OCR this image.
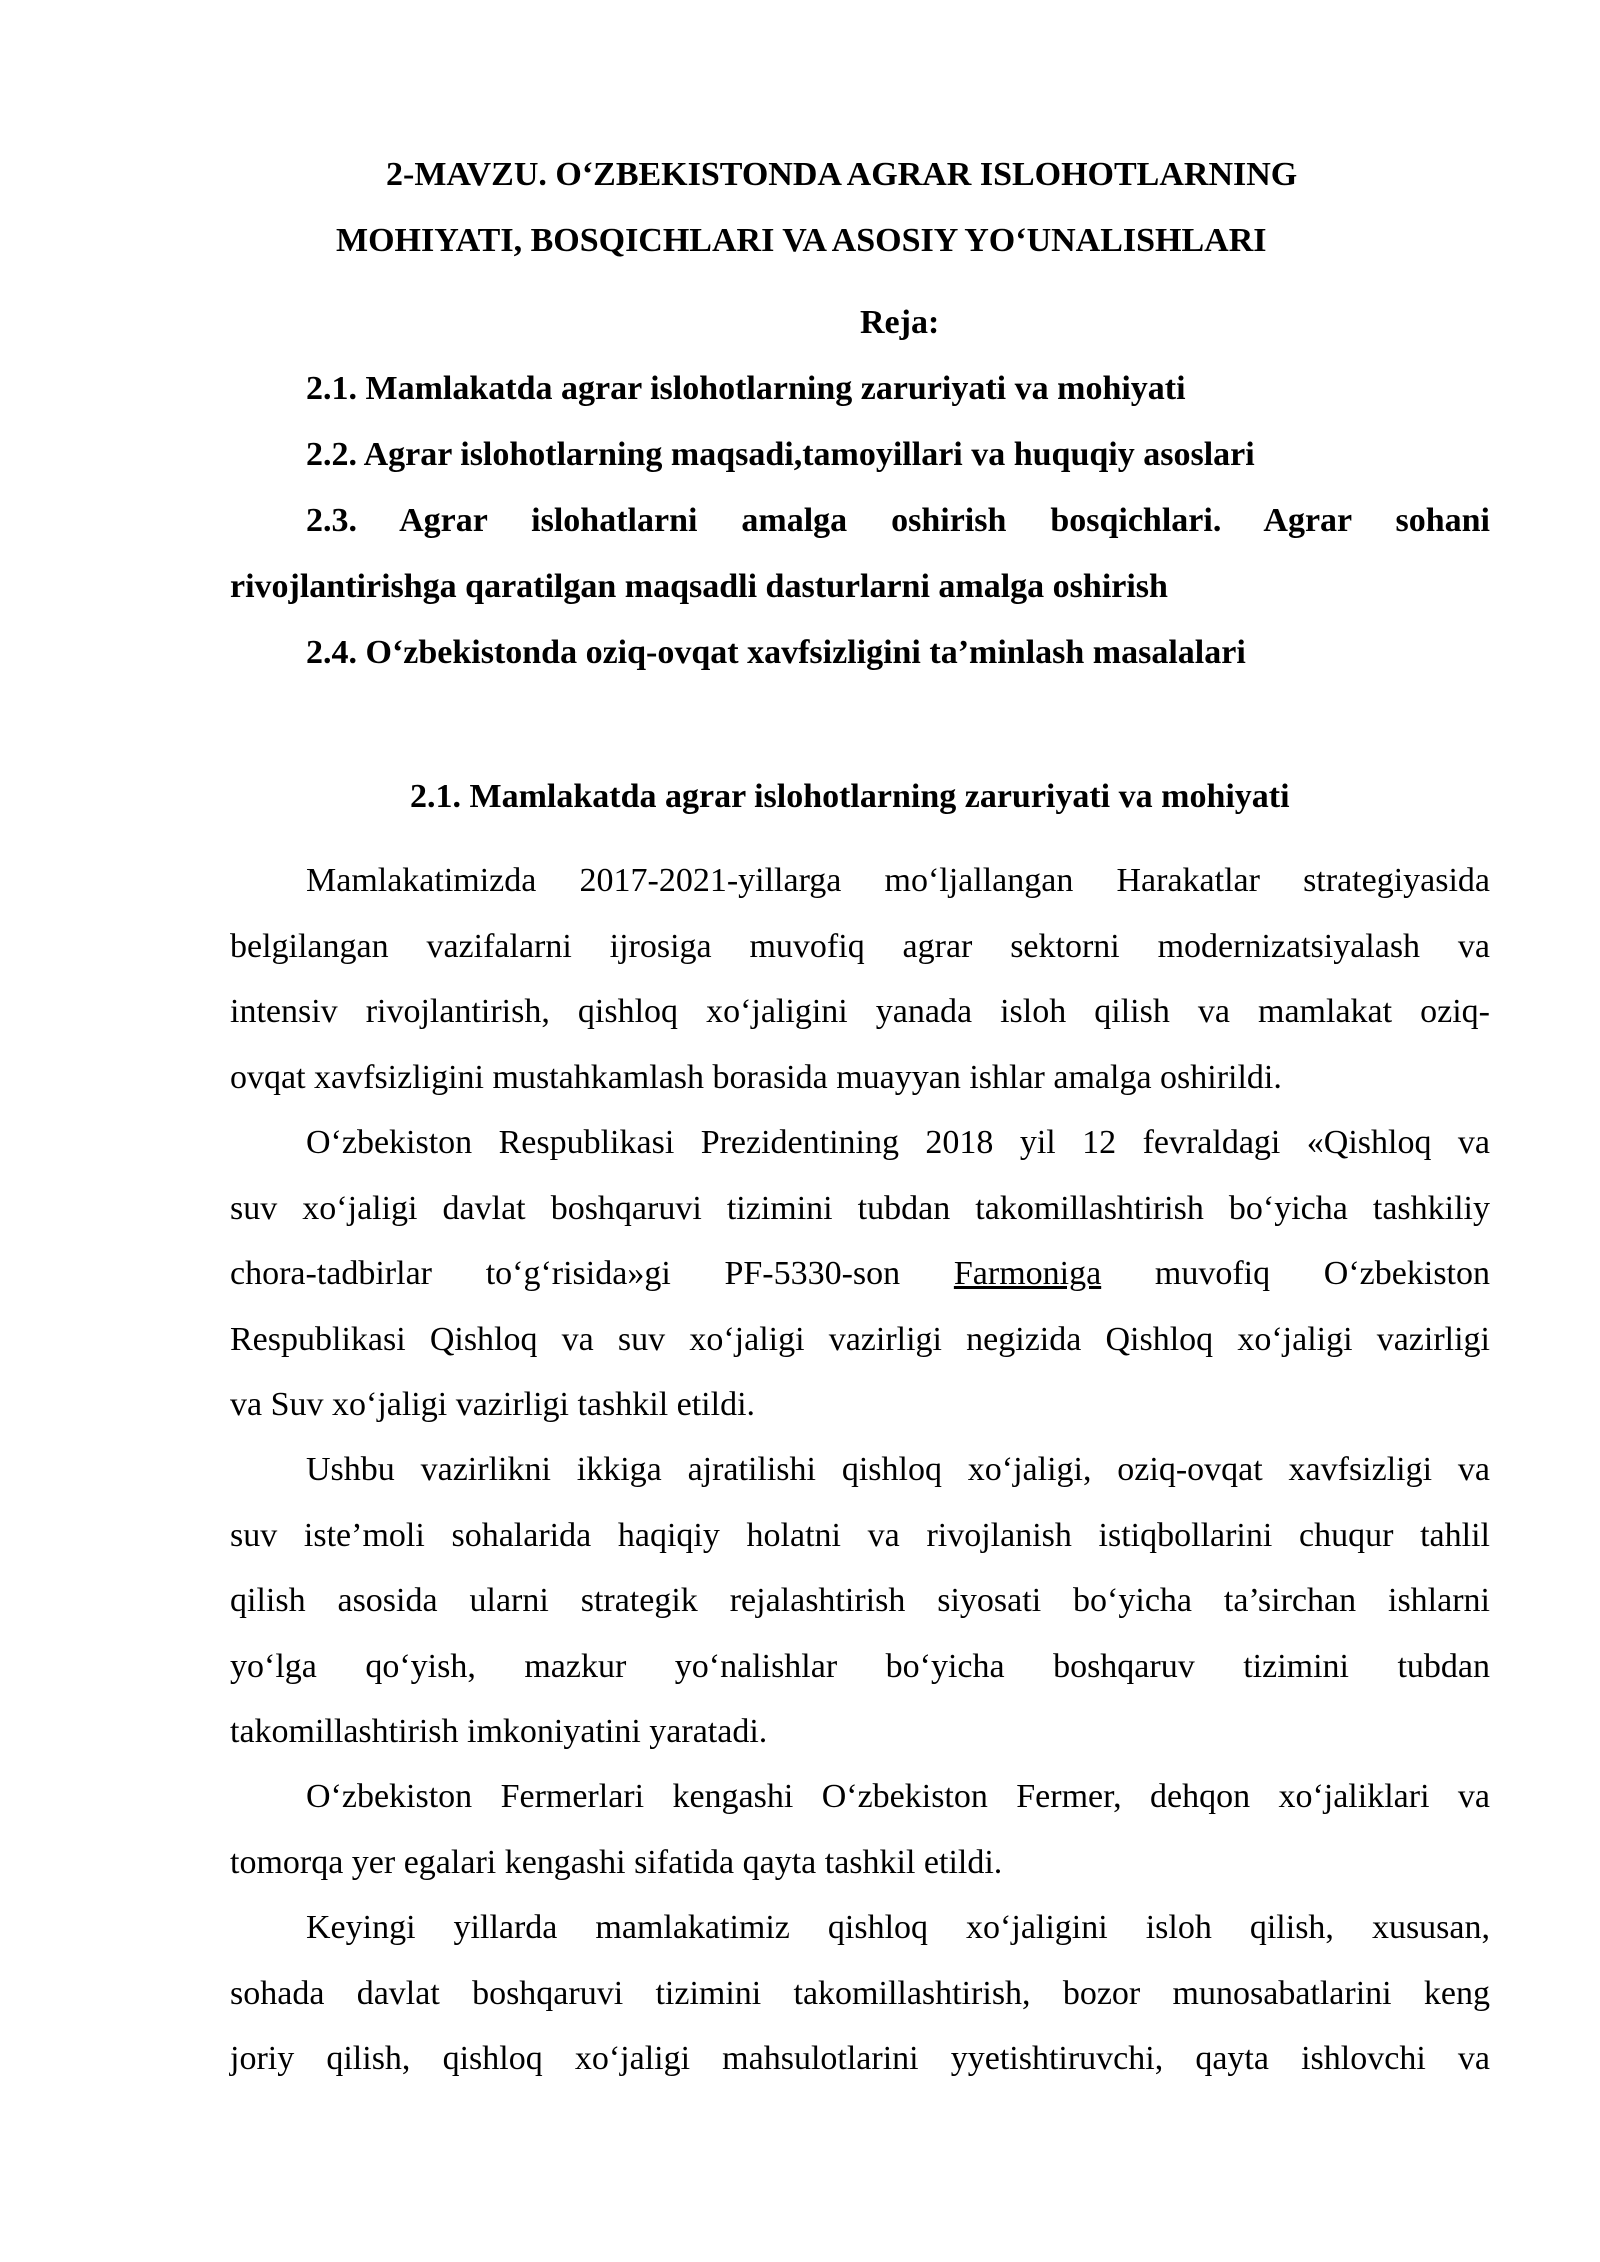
2-MAVZU. O‘ZBEKISTONDA AGRAR ISLOHOTLARNING
MOHIYATI, BOSQICHLARI VA ASOSIY YO‘UNALISHLARI
Reja:
2.1. Mamlakatda agrar islohotlarning zaruriyati va mohiyati
2.2. Agrar islohotlarning maqsadi,tamoyillari va huquqiy asoslari
2.3. Agrar islohatlarni amalga oshirish bosqichlari. Agrar sohani
rivojlantirishga qaratilgan maqsadli dasturlarni amalga oshirish
2.4. O‘zbekistonda oziq-ovqat xavfsizligini ta’minlash masalalari
2.1. Mamlakatda agrar islohotlarning zaruriyati va mohiyati
Mamlakatimizda 2017-2021-yillarga mo‘ljallangan Harakatlar strategiyasida
belgilangan vazifalarni ijrosiga muvofiq agrar sektorni modernizatsiyalash va
intensiv rivojlantirish, qishloq xo‘jaligini yanada isloh qilish va mamlakat oziq-
ovqat xavfsizligini mustahkamlash borasida muayyan ishlar amalga oshirildi.
O‘zbekiston Respublikasi Prezidentining 2018 yil 12 fevraldagi «Qishloq va
suv xo‘jaligi davlat boshqaruvi tizimini tubdan takomillashtirish bo‘yicha tashkiliy
chora-tadbirlar to‘g‘risida»gi PF-5330-son Farmoniga muvofiq O‘zbekiston
Respublikasi Qishloq va suv xo‘jaligi vazirligi negizida Qishloq xo‘jaligi vazirligi
va Suv xo‘jaligi vazirligi tashkil etildi.
Ushbu vazirlikni ikkiga ajratilishi qishloq xo‘jaligi, oziq-ovqat xavfsizligi va
suv iste’moli sohalarida haqiqiy holatni va rivojlanish istiqbollarini chuqur tahlil
qilish asosida ularni strategik rejalashtirish siyosati bo‘yicha ta’sirchan ishlarni
yo‘lga qo‘yish, mazkur yo‘nalishlar bo‘yicha boshqaruv tizimini tubdan
takomillashtirish imkoniyatini yaratadi.
O‘zbekiston Fermerlari kengashi O‘zbekiston Fermer, dehqon xo‘jaliklari va
tomorqa yer egalari kengashi sifatida qayta tashkil etildi.
Keyingi yillarda mamlakatimiz qishloq xo‘jaligini isloh qilish, xususan,
sohada davlat boshqaruvi tizimini takomillashtirish, bozor munosabatlarini keng
joriy qilish, qishloq xo‘jaligi mahsulotlarini yyetishtiruvchi, qayta ishlovchi va
